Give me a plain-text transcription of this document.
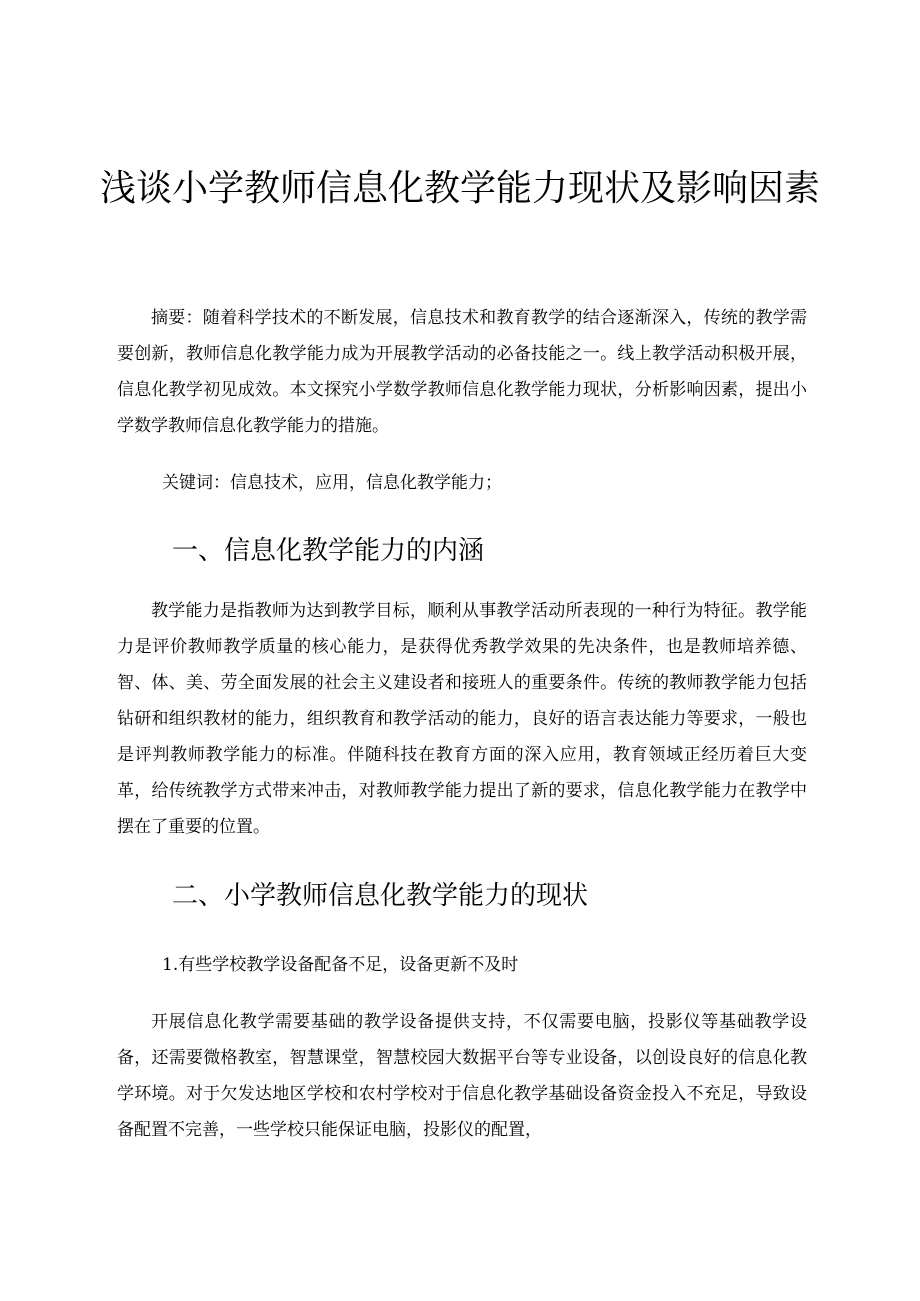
浅谈小学教师信息化教学能力现状及影响因素

摘要：随着科学技术的不断发展，信息技术和教育教学的结合逐渐深入，传统的教学需要创新，教师信息化教学能力成为开展教学活动的必备技能之一。线上教学活动积极开展，信息化教学初见成效。本文探究小学数学教师信息化教学能力现状，分析影响因素，提出小学数学教师信息化教学能力的措施。

关键词：信息技术，应用，信息化教学能力；

一、信息化教学能力的内涵

教学能力是指教师为达到教学目标，顺利从事教学活动所表现的一种行为特征。教学能力是评价教师教学质量的核心能力，是获得优秀教学效果的先决条件，也是教师培养德、智、体、美、劳全面发展的社会主义建设者和接班人的重要条件。传统的教师教学能力包括钻研和组织教材的能力，组织教育和教学活动的能力，良好的语言表达能力等要求，一般也是评判教师教学能力的标准。伴随科技在教育方面的深入应用，教育领域正经历着巨大变革，给传统教学方式带来冲击，对教师教学能力提出了新的要求，信息化教学能力在教学中摆在了重要的位置。

二、小学教师信息化教学能力的现状

1.有些学校教学设备配备不足，设备更新不及时

开展信息化教学需要基础的教学设备提供支持，不仅需要电脑，投影仪等基础教学设备，还需要微格教室，智慧课堂，智慧校园大数据平台等专业设备，以创设良好的信息化教学环境。对于欠发达地区学校和农村学校对于信息化教学基础设备资金投入不充足，导致设备配置不完善，一些学校只能保证电脑，投影仪的配置，
